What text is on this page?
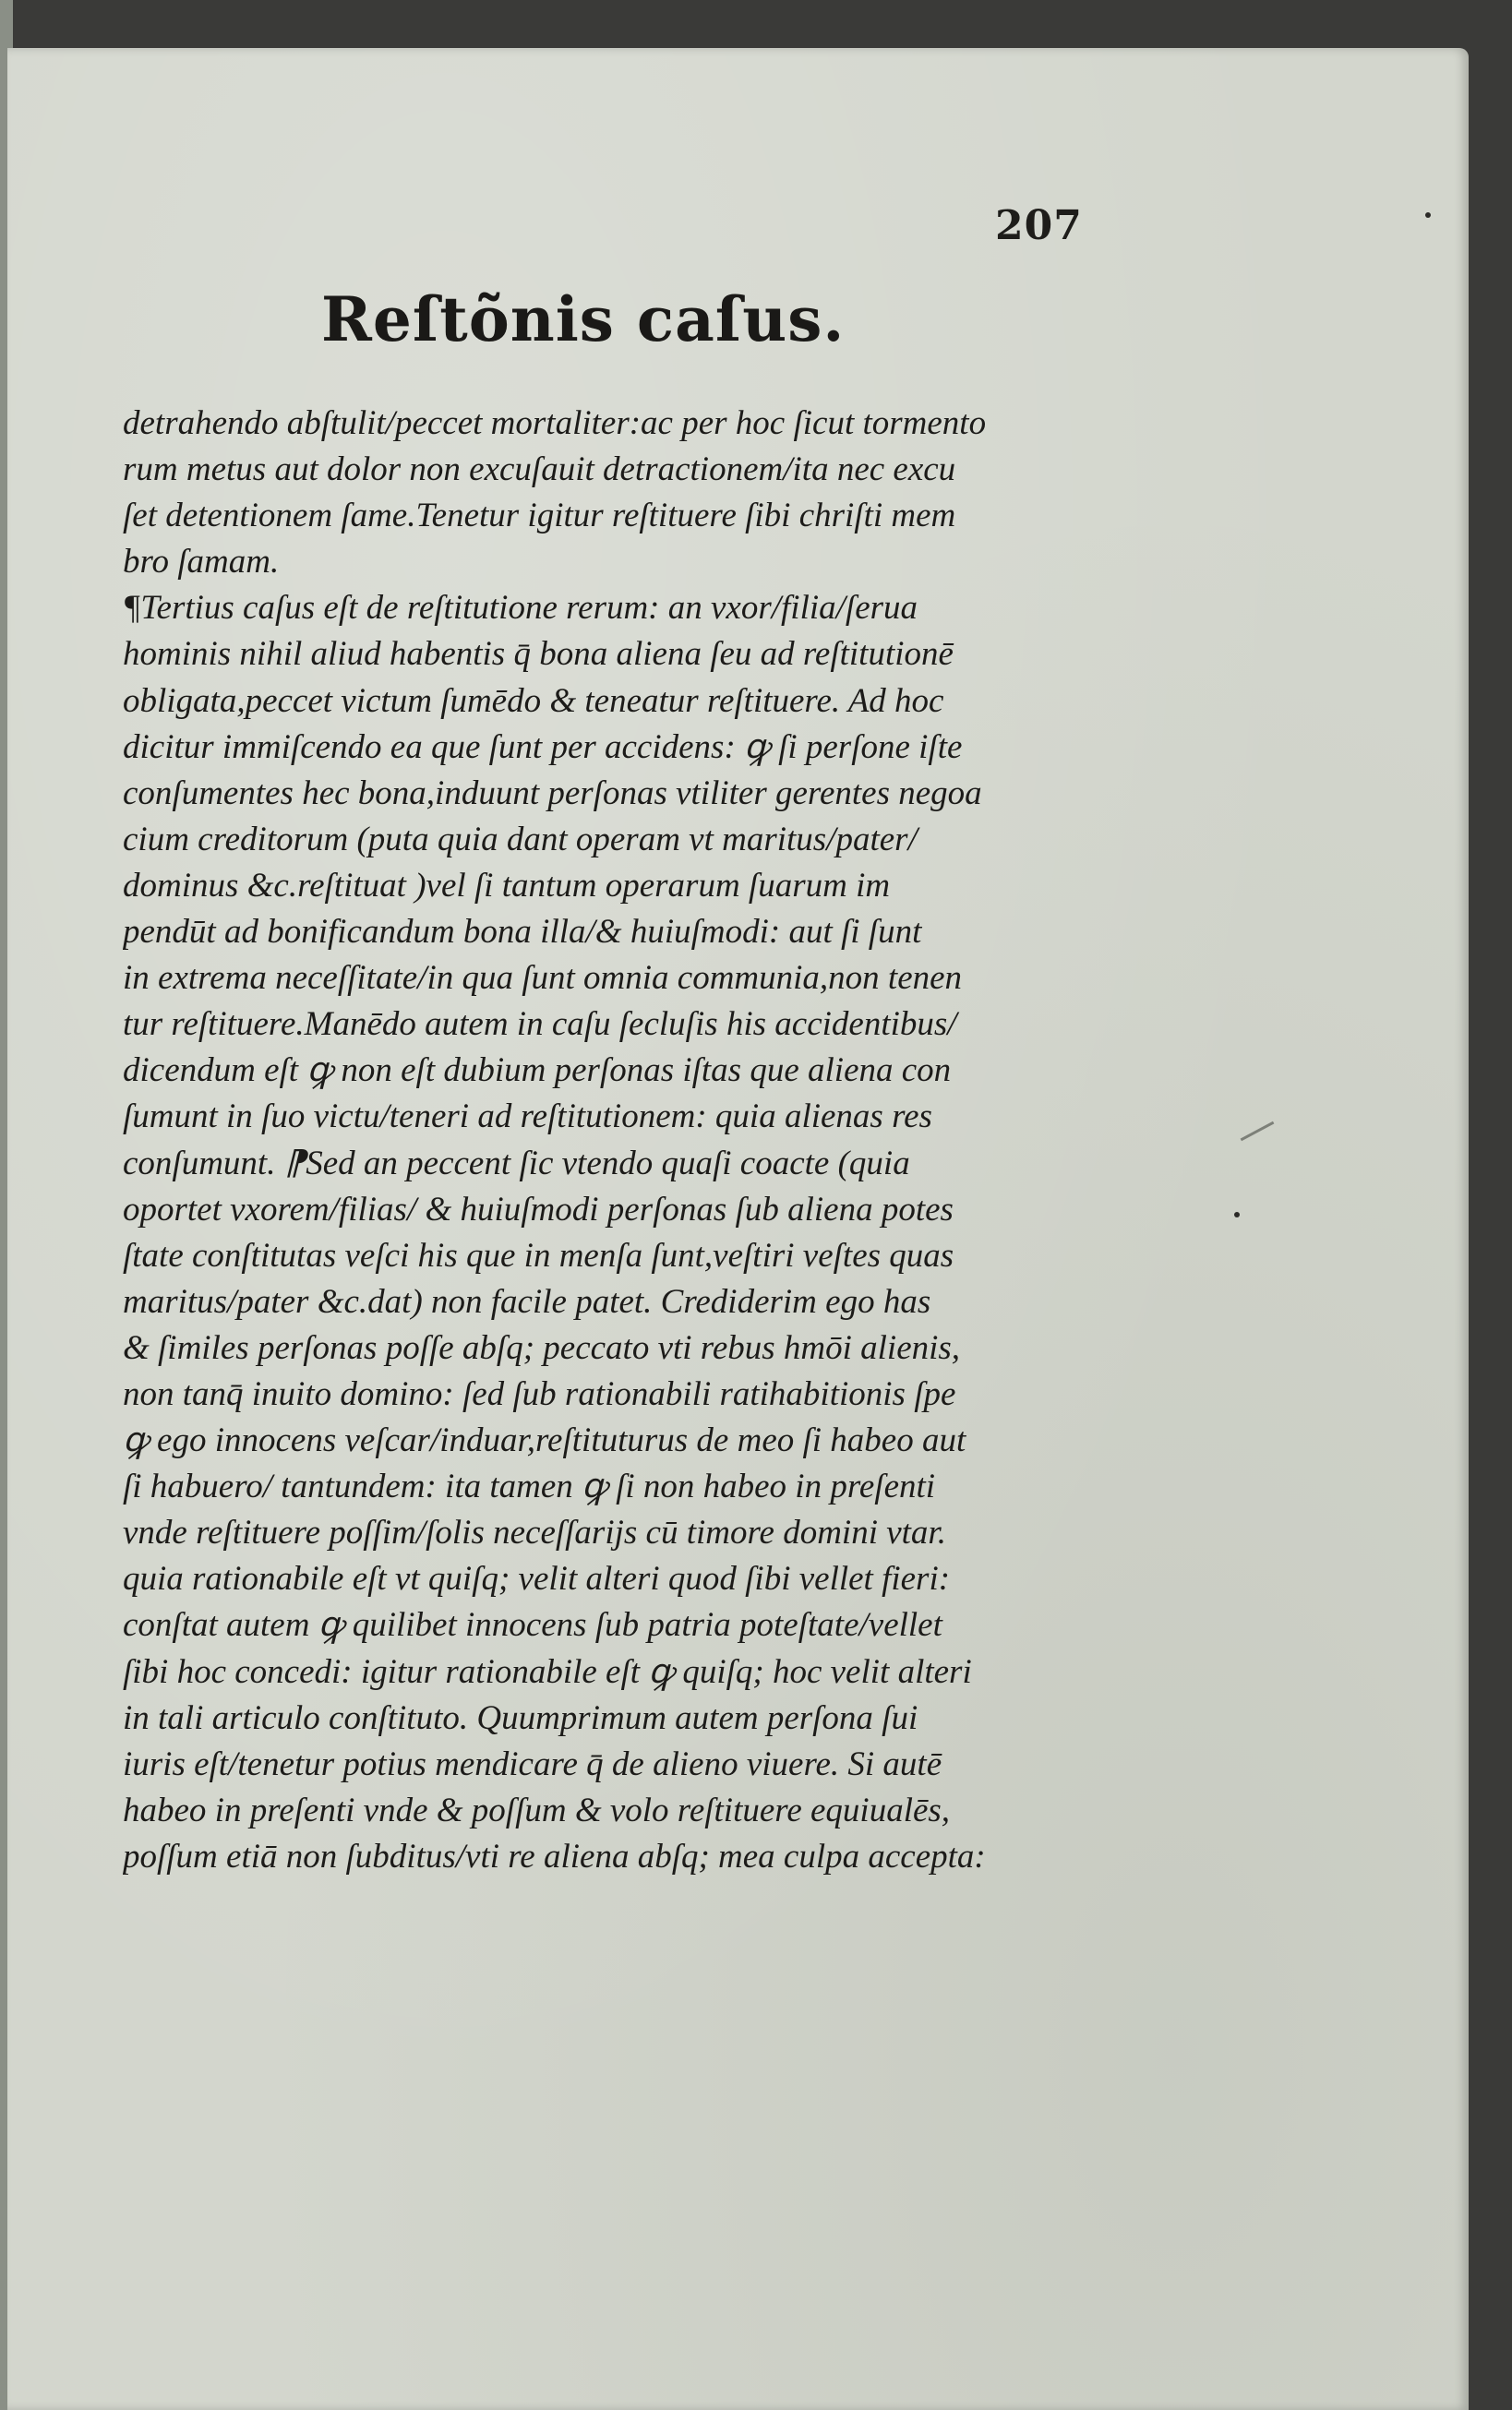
207
Reſtõnis caſus.
detrahendo abſtulit/peccet mortaliter:ac per hoc ſicut tormento
rum metus aut dolor non excuſauit detractionem/ita nec excu
ſet detentionem ſame.Tenetur igitur reſtituere ſibi chriſti mem
bro ſamam.
¶Tertius caſus eſt de reſtitutione rerum: an vxor/filia/ſerua
hominis nihil aliud habentis q̄ bona aliena ſeu ad reſtitutionē
obligata,peccet victum ſumēdo & teneatur reſtituere. Ad hoc
dicitur immiſcendo ea que ſunt per accidens: ꝙ ſi perſone iſte
conſumentes hec bona,induunt perſonas vtiliter gerentes negoa
cium creditorum (puta quia dant operam vt maritus/pater/
dominus &c.reſtituat )vel ſi tantum operarum ſuarum im
pendūt ad bonificandum bona illa/& huiuſmodi: aut ſi ſunt
in extrema neceſſitate/in qua ſunt omnia communia,non tenen
tur reſtituere.Manēdo autem in caſu ſecluſis his accidentibus/
dicendum eſt ꝙ non eſt dubium perſonas iſtas que aliena con
ſumunt in ſuo victu/teneri ad reſtitutionem: quia alienas res
conſumunt. ⁋Sed an peccent ſic vtendo quaſi coacte (quia
oportet vxorem/filias/ & huiuſmodi perſonas ſub aliena potes
ſtate conſtitutas veſci his que in menſa ſunt,veſtiri veſtes quas
maritus/pater &c.dat) non facile patet. Crediderim ego has
& ſimiles perſonas poſſe abſq; peccato vti rebus hmōi alienis,
non tanq̄ inuito domino: ſed ſub rationabili ratihabitionis ſpe
ꝙ ego innocens veſcar/induar,reſtituturus de meo ſi habeo aut
ſi habuero/ tantundem: ita tamen ꝙ ſi non habeo in preſenti
vnde reſtituere poſſim/ſolis neceſſarijs cū timore domini vtar.
quia rationabile eſt vt quiſq; velit alteri quod ſibi vellet fieri:
conſtat autem ꝙ quilibet innocens ſub patria poteſtate/vellet
ſibi hoc concedi: igitur rationabile eſt ꝙ quiſq; hoc velit alteri
in tali articulo conſtituto. Quumprimum autem perſona ſui
iuris eſt/tenetur potius mendicare q̄ de alieno viuere. Si autē
habeo in preſenti vnde & poſſum & volo reſtituere equiualēs,
poſſum etiā non ſubditus/vti re aliena abſq; mea culpa accepta:
